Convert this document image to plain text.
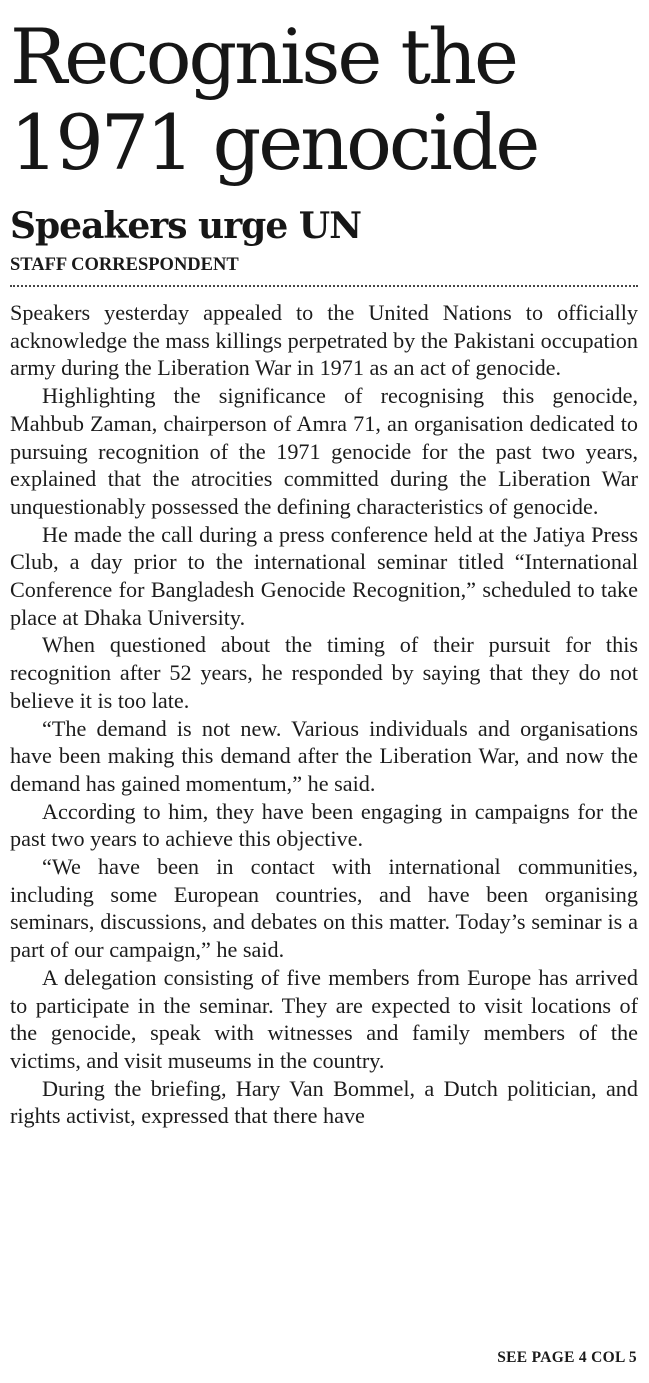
Recognise the 1971 genocide
Speakers urge UN
STAFF CORRESPONDENT

Speakers yesterday appealed to the United Nations to officially acknowledge the mass killings perpetrated by the Pakistani occupation army during the Liberation War in 1971 as an act of genocide.

Highlighting the significance of recognising this genocide, Mahbub Zaman, chairperson of Amra 71, an organisation dedicated to pursuing recognition of the 1971 genocide for the past two years, explained that the atrocities committed during the Liberation War unquestionably possessed the defining characteristics of genocide.

He made the call during a press conference held at the Jatiya Press Club, a day prior to the international seminar titled “International Conference for Bangladesh Genocide Recognition,” scheduled to take place at Dhaka University.

When questioned about the timing of their pursuit for this recognition after 52 years, he responded by saying that they do not believe it is too late.

“The demand is not new. Various individuals and organisations have been making this demand after the Liberation War, and now the demand has gained momentum,” he said.

According to him, they have been engaging in campaigns for the past two years to achieve this objective.

“We have been in contact with international communities, including some European countries, and have been organising seminars, discussions, and debates on this matter. Today’s seminar is a part of our campaign,” he said.

A delegation consisting of five members from Europe has arrived to participate in the seminar. They are expected to visit locations of the genocide, speak with witnesses and family members of the victims, and visit museums in the country.

During the briefing, Hary Van Bommel, a Dutch politician, and rights activist, expressed that there have

SEE PAGE 4 COL 5
